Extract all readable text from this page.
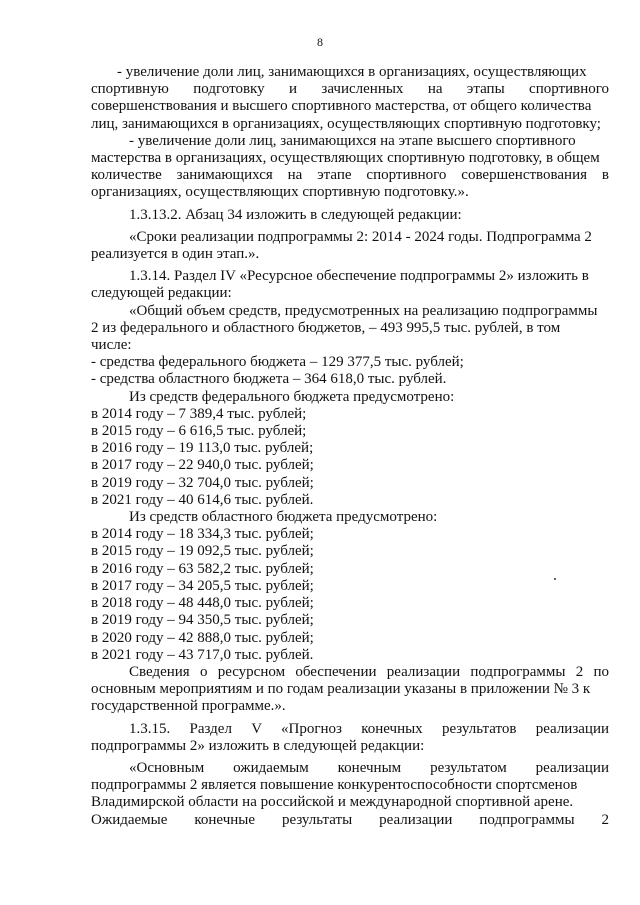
8

- увеличение доли лиц, занимающихся в организациях, осуществляющих
спортивную подготовку и зачисленных на этапы спортивного
совершенствования и высшего спортивного мастерства, от общего количества
лиц, занимающихся в организациях, осуществляющих спортивную подготовку;

- увеличение доли лиц, занимающихся на этапе высшего спортивного
мастерства в организациях, осуществляющих спортивную подготовку, в общем
количестве занимающихся на этапе спортивного совершенствования в
организациях, осуществляющих спортивную подготовку.».

1.3.13.2. Абзац 34 изложить в следующей редакции:

«Сроки реализации подпрограммы 2: 2014 - 2024 годы. Подпрограмма 2
реализуется в один этап.».

1.3.14. Раздел IV «Ресурсное обеспечение подпрограммы 2» изложить в
следующей редакции:

«Общий объем средств, предусмотренных на реализацию подпрограммы
2 из федерального и областного бюджетов, – 493 995,5 тыс. рублей, в том
числе:

- средства федерального бюджета – 129 377,5 тыс. рублей;
- средства областного бюджета – 364 618,0 тыс. рублей.

Из средств федерального бюджета предусмотрено:
в 2014 году – 7 389,4 тыс. рублей;
в 2015 году – 6 616,5 тыс. рублей;
в 2016 году – 19 113,0 тыс. рублей;
в 2017 году – 22 940,0 тыс. рублей;
в 2019 году – 32 704,0 тыс. рублей;
в 2021 году – 40 614,6 тыс. рублей.
Из средств областного бюджета предусмотрено:
в 2014 году – 18 334,3 тыс. рублей;
в 2015 году – 19 092,5 тыс. рублей;
в 2016 году – 63 582,2 тыс. рублей;
в 2017 году – 34 205,5 тыс. рублей;
в 2018 году – 48 448,0 тыс. рублей;
в 2019 году – 94 350,5 тыс. рублей;
в 2020 году – 42 888,0 тыс. рублей;
в 2021 году – 43 717,0 тыс. рублей.

Сведения о ресурсном обеспечении реализации подпрограммы 2 по
основным мероприятиям и по годам реализации указаны в приложении № 3 к
государственной программе.».

1.3.15. Раздел V «Прогноз конечных результатов реализации
подпрограммы 2» изложить в следующей редакции:

«Основным ожидаемым конечным результатом реализации
подпрограммы 2 является повышение конкурентоспособности спортсменов
Владимирской области на российской и международной спортивной арене.
Ожидаемые конечные результаты реализации подпрограммы 2
